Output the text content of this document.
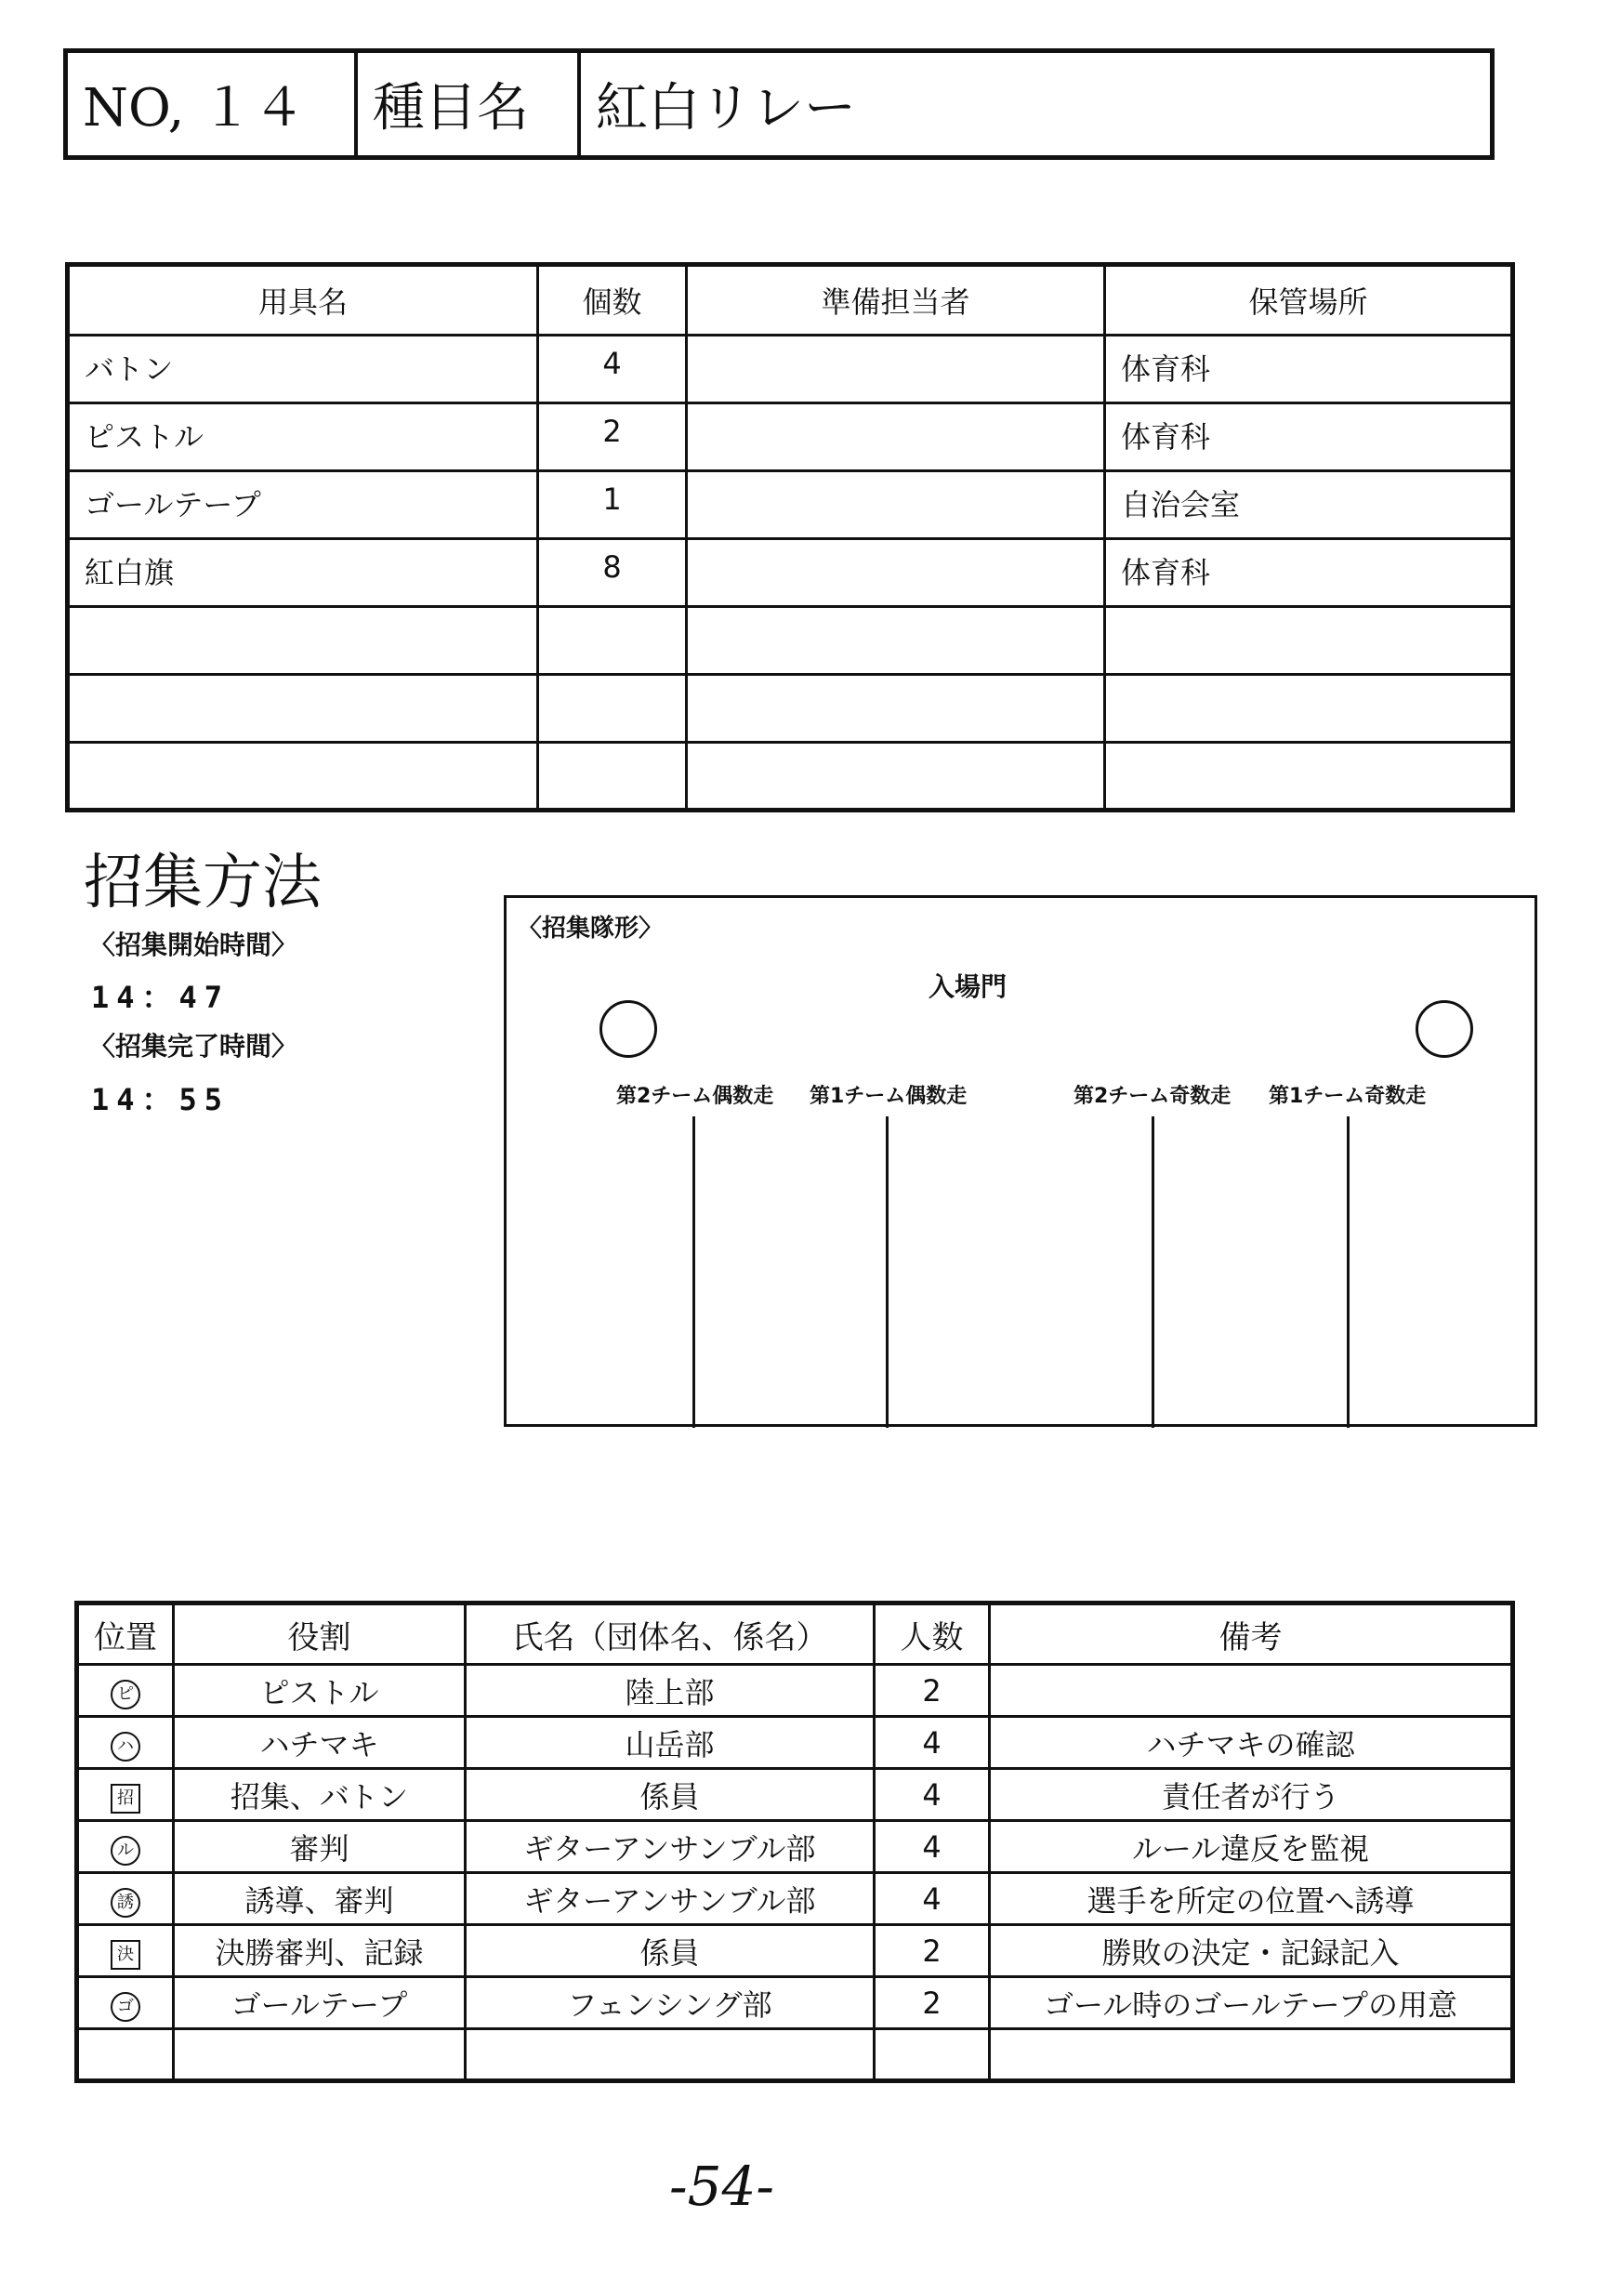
NO, １４	種目名	紅白リレー
用具名	個数	準備担当者	保管場所
バトン	4		体育科
ピストル	2		体育科
ゴールテープ	1		自治会室
紅白旗	8		体育科

招集方法
〈招集開始時間〉
14：47
〈招集完了時間〉
14：55
〈招集隊形〉
入場門
第2チーム偶数走 第1チーム偶数走	第2チーム奇数走 第1チーム奇数走
位置	役割	氏名（団体名、係名）	人数	備考
ピ	ピストル	陸上部	2	
ハ	ハチマキ	山岳部	4	ハチマキの確認
招	招集、バトン	係員	4	責任者が行う
ル	審判	ギターアンサンブル部	4	ルール違反を監視
誘	誘導、審判	ギターアンサンブル部	4	選手を所定の位置へ誘導
決	決勝審判、記録	係員	2	勝敗の決定・記録記入
ゴ	ゴールテープ	フェンシング部	2	ゴール時のゴールテープの用意

-54-
